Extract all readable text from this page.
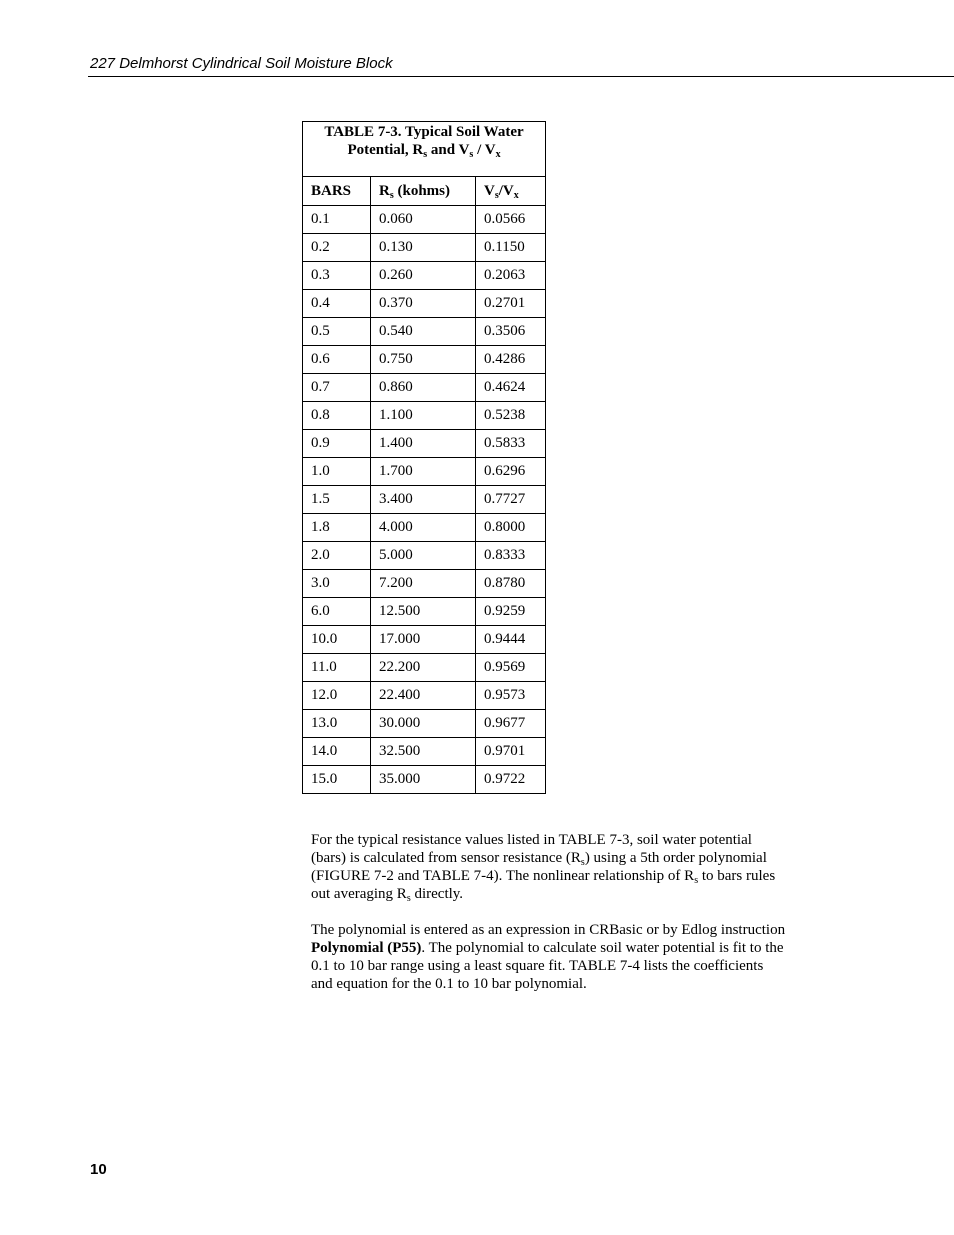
227 Delmhorst Cylindrical Soil Moisture Block
TABLE 7-3. Typical Soil Water
Potential, $R_s$ and $V_s / V_x$

BARS	$R_s$ (kohms)	$V_s/V_x$
0.1	0.060	0.0566
0.2	0.130	0.1150
0.3	0.260	0.2063
0.4	0.370	0.2701
0.5	0.540	0.3506
0.6	0.750	0.4286
0.7	0.860	0.4624
0.8	1.100	0.5238
0.9	1.400	0.5833
1.0	1.700	0.6296
1.5	3.400	0.7727
1.8	4.000	0.8000
2.0	5.000	0.8333
3.0	7.200	0.8780
6.0	12.500	0.9259
10.0	17.000	0.9444
11.0	22.200	0.9569
12.0	22.400	0.9573
13.0	30.000	0.9677
14.0	32.500	0.9701
15.0	35.000	0.9722
For the typical resistance values listed in TABLE 7-3, soil water potential
(bars) is calculated from sensor resistance $(R_s)$ using a 5th order polynomial
(FIGURE 7-2 and TABLE 7-4). The nonlinear relationship of $R_s$ to bars rules
out averaging $R_s$ directly.
The polynomial is entered as an expression in CRBasic or by Edlog instruction
Polynomial (P55). The polynomial to calculate soil water potential is fit to the
0.1 to 10 bar range using a least square fit. TABLE 7-4 lists the coefficients
and equation for the 0.1 to 10 bar polynomial.
10
